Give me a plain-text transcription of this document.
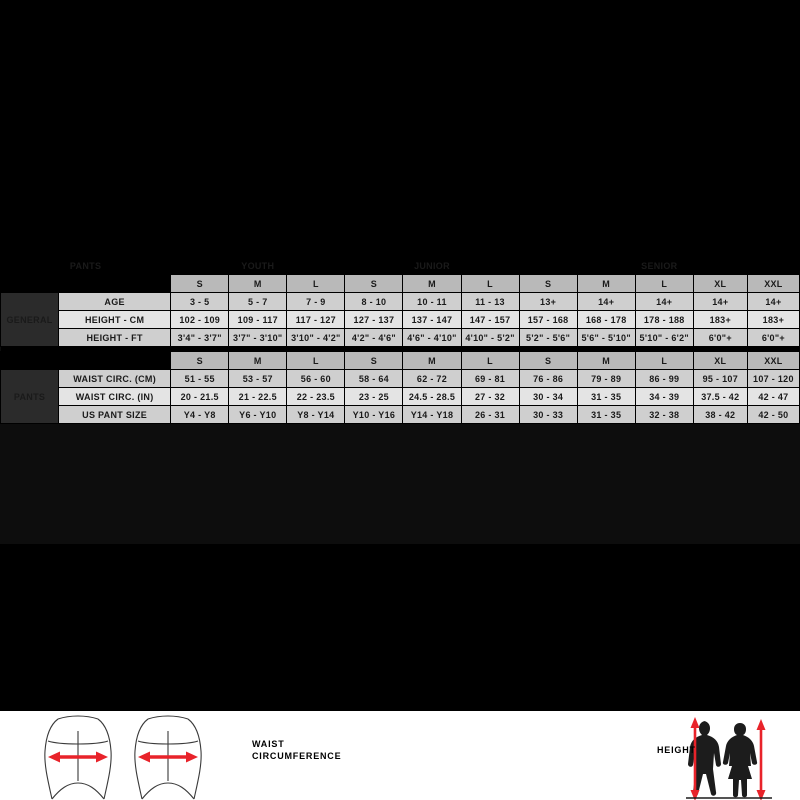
PANTS		YOUTH			JUNIOR			SENIOR				
		S	M	L	S	M	L	S	M	L	XL	XXL
GENERAL	AGE	3 - 5	5 - 7	7 - 9	8 - 10	10 - 11	11 - 13	13+	14+	14+	14+	14+
	HEIGHT - CM	102 - 109	109 - 117	117 - 127	127 - 137	137 - 147	147 - 157	157 - 168	168 - 178	178 - 188	183+	183+
	HEIGHT - FT	3'4" - 3'7"	3'7" - 3'10"	3'10" - 4'2"	4'2" - 4'6"	4'6" - 4'10"	4'10" - 5'2"	5'2" - 5'6"	5'6" - 5'10"	5'10" - 6'2"	6'0"+	6'0"+

		S	M	L	S	M	L	S	M	L	XL	XXL
PANTS	WAIST CIRC. (CM)	51 - 55	53 - 57	56 - 60	58 - 64	62 - 72	69 - 81	76 - 86	79 - 89	86 - 99	95 - 107	107 - 120
	WAIST CIRC. (IN)	20 - 21.5	21 - 22.5	22 - 23.5	23 - 25	24.5 - 28.5	27 - 32	30 - 34	31 - 35	34 - 39	37.5 - 42	42 - 47
	US PANT SIZE	Y4 - Y8	Y6 - Y10	Y8 - Y14	Y10 - Y16	Y14 - Y18	26 - 31	30 - 33	31 - 35	32 - 38	38 - 42	42 - 50
WAIST
CIRCUMFERENCE
HEIGHT
